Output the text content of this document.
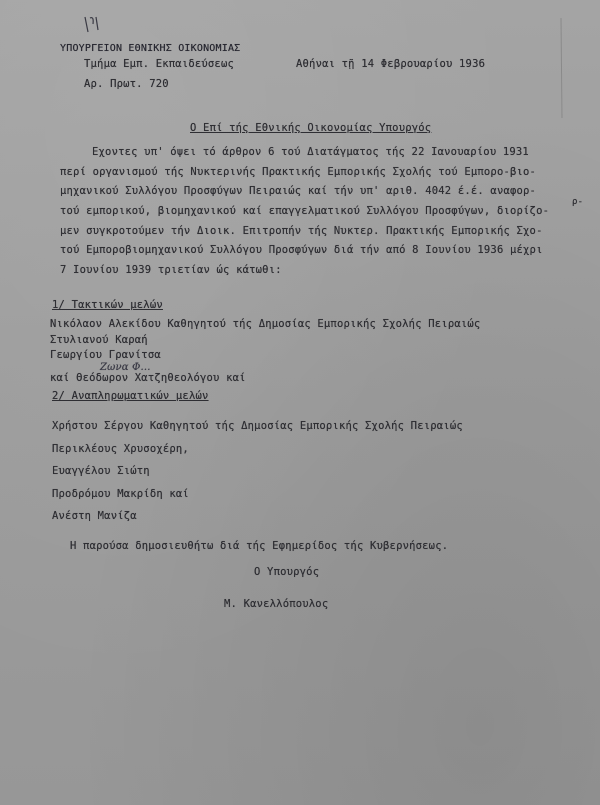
ΥΠΟΥΡΓΕΙΟΝ ΕΘΝΙΚΗΣ ΟΙΚΟΝΟΜΙΑΣ
Τμήμα Εμπ. Εκπαιδεύσεως	Αθήναι τῇ 14 Φεβρουαρίου 1936
Αρ. Πρωτ. 720
Ο Επί τής Εθνικής Οικονομίας Υπουργός
Εχοντες υπ' όψει τό άρθρον 6 τού Διατάγματος τής 22 Ιανουαρίου 1931
περί οργανισμού τής Νυκτερινής Πρακτικής Εμπορικής Σχολής τού Εμπορο-βιο-
μηχανικού Συλλόγου Προσφύγων Πειραιώς καί τήν υπ' αριθ. 4042 έ.έ. αναφορ-
ρ-
τού εμπορικού, βιομηχανικού καί επαγγελματικού Συλλόγου Προσφύγων, διορίζο-
μεν συγκροτούμεν τήν Διοικ. Επιτροπήν τής Νυκτερ. Πρακτικής Εμπορικής Σχο-
τού Εμποροβιομηχανικού Συλλόγου Προσφύγων διά τήν από 8 Ιουνίου 1936 μέχρι
7 Ιουνίου 1939 τριετίαν ώς κάτωθι:
1/ Τακτικών μελών
Νικόλαον Αλεκίδου Καθηγητού τής Δημοσίας Εμπορικής Σχολής Πειραιώς
Στυλιανού Καραή
Γεωργίου Γρανίτσα
Ζωνα Φ...
καί Θεόδωρον Χατζηθεολόγου καί
2/ Αναπληρωματικών μελών
Χρήστου Σέργου Καθηγητού τής Δημοσίας Εμπορικής Σχολής Πειραιώς
Περικλέους Χρυσοχέρη,
Ευαγγέλου Σιώτη
Προδρόμου Μακρίδη καί
Ανέστη Μανίζα
Η παρούσα δημοσιευθήτω διά τής Εφημερίδος τής Κυβερνήσεως.
Ο Υπουργός
Μ. Κανελλόπουλος
